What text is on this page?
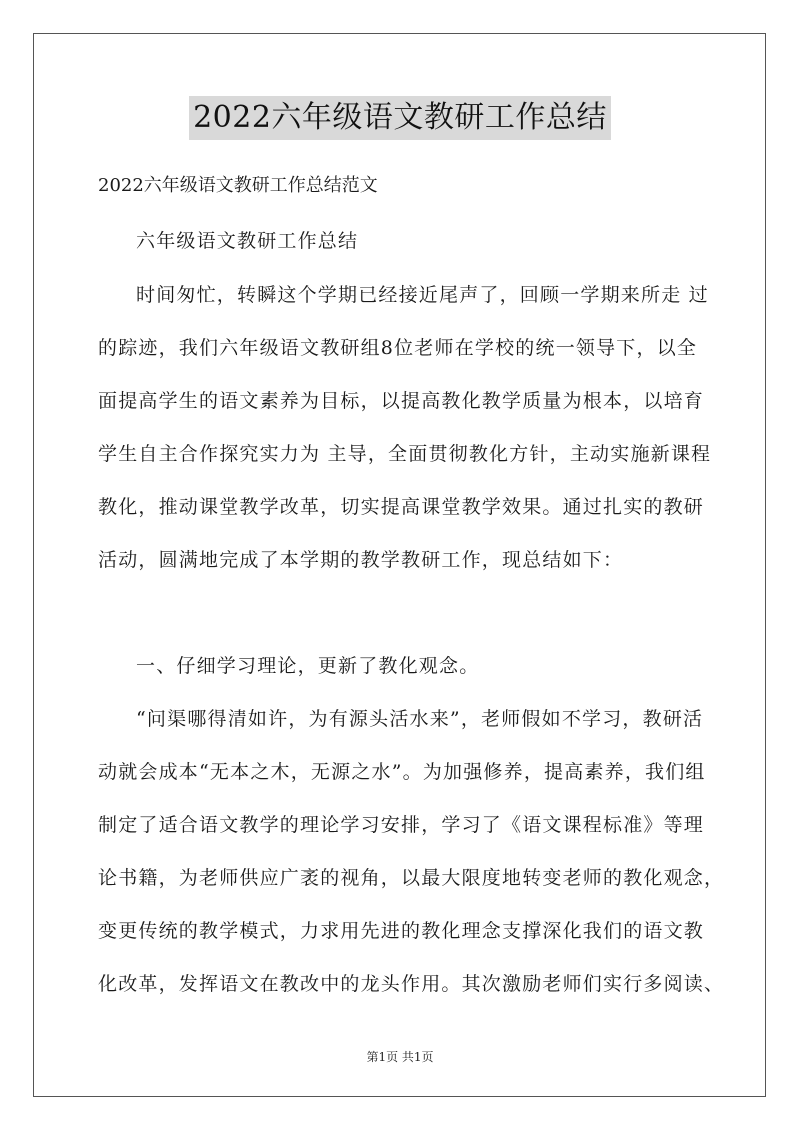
2022六年级语文教研工作总结
2022六年级语文教研工作总结范文
六年级语文教研工作总结
时间匆忙，转瞬这个学期已经接近尾声了，回顾一学期来所走 过
的踪迹，我们六年级语文教研组8位老师在学校的统一领导下，以全
面提高学生的语文素养为目标，以提高教化教学质量为根本，以培育
学生自主合作探究实力为 主导，全面贯彻教化方针，主动实施新课程
教化，推动课堂教学改革，切实提高课堂教学效果。通过扎实的教研
活动，圆满地完成了本学期的教学教研工作，现总结如下：
一、仔细学习理论，更新了教化观念。
“问渠哪得清如许，为有源头活水来”，老师假如不学习，教研活
动就会成本“无本之木，无源之水”。为加强修养，提高素养，我们组
制定了适合语文教学的理论学习安排，学习了《语文课程标准》等理
论书籍，为老师供应广袤的视角，以最大限度地转变老师的教化观念，
变更传统的教学模式，力求用先进的教化理念支撑深化我们的语文教
化改革，发挥语文在教改中的龙头作用。其次激励老师们实行多阅读、
第1页 共1页
